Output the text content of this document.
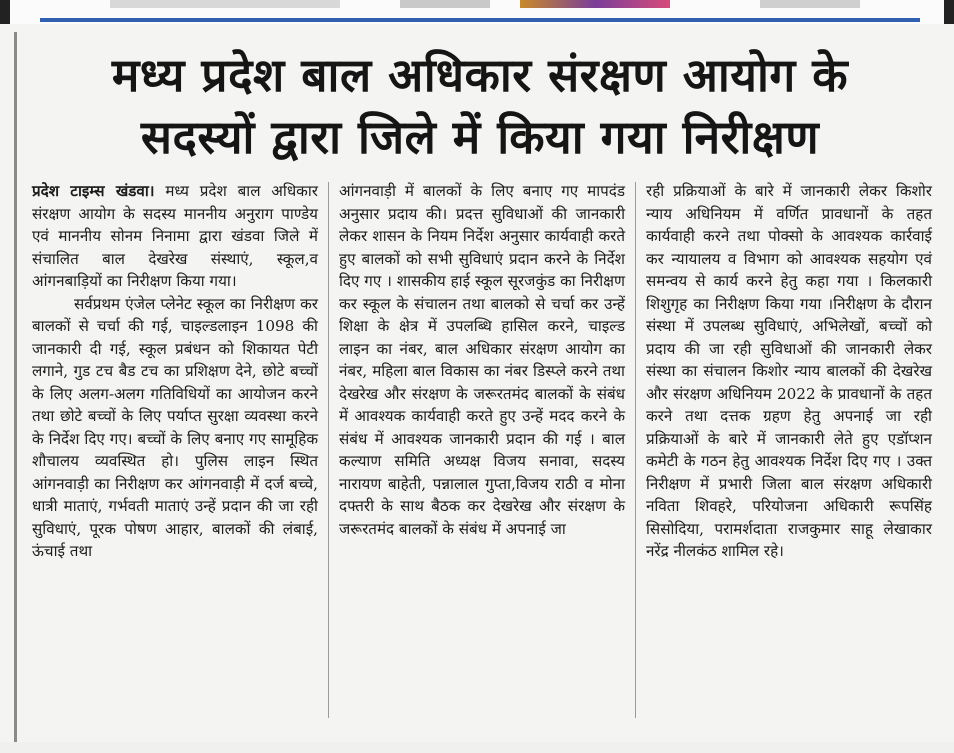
मध्य प्रदेश बाल अधिकार संरक्षण आयोग के
सदस्यों द्वारा जिले में किया गया निरीक्षण

प्रदेश टाइम्स खंडवा। मध्य प्रदेश बाल अधिकार संरक्षण आयोग के सदस्य माननीय अनुराग पाण्डेय एवं माननीय सोनम निनामा द्वारा खंडवा जिले में संचालित बाल देखरेख संस्थाएं, स्कूल,व आंगनबाड़ियों का निरीक्षण किया गया।

सर्वप्रथम एंजेल प्लेनेट स्कूल का निरीक्षण कर बालकों से चर्चा की गई, चाइल्डलाइन 1098 की जानकारी दी गई, स्कूल प्रबंधन को शिकायत पेटी लगाने, गुड टच बैड टच का प्रशिक्षण देने, छोटे बच्चों के लिए अलग-अलग गतिविधियों का आयोजन करने तथा छोटे बच्चों के लिए पर्याप्त सुरक्षा व्यवस्था करने के निर्देश दिए गए। बच्चों के लिए बनाए गए सामूहिक शौचालय व्यवस्थित हो। पुलिस लाइन स्थित आंगनवाड़ी का निरीक्षण कर आंगनवाड़ी में दर्ज बच्चे, धात्री माताएं, गर्भवती माताएं उन्हें प्रदान की जा रही सुविधाएं, पूरक पोषण आहार, बालकों की लंबाई, ऊंचाई तथा

आंगनवाड़ी में बालकों के लिए बनाए गए मापदंड अनुसार प्रदाय की। प्रदत्त सुविधाओं की जानकारी लेकर शासन के नियम निर्देश अनुसार कार्यवाही करते हुए बालकों को सभी सुविधाएं प्रदान करने के निर्देश दिए गए । शासकीय हाई स्कूल सूरजकुंड का निरीक्षण कर स्कूल के संचालन तथा बालको से चर्चा कर उन्हें शिक्षा के क्षेत्र में उपलब्धि हासिल करने, चाइल्ड लाइन का नंबर, बाल अधिकार संरक्षण आयोग का नंबर, महिला बाल विकास का नंबर डिस्प्ले करने तथा देखरेख और संरक्षण के जरूरतमंद बालकों के संबंध में आवश्यक कार्यवाही करते हुए उन्हें मदद करने के संबंध में आवश्यक जानकारी प्रदान की गई । बाल कल्याण समिति अध्यक्ष विजय सनावा, सदस्य नारायण बाहेती, पन्नालाल गुप्ता,विजय राठी व मोना दफ्तरी के साथ बैठक कर देखरेख और संरक्षण के जरूरतमंद बालकों के संबंध में अपनाई जा

रही प्रक्रियाओं के बारे में जानकारी लेकर किशोर न्याय अधिनियम में वर्णित प्रावधानों के तहत कार्यवाही करने तथा पोक्सो के आवश्यक कार्रवाई कर न्यायालय व विभाग को आवश्यक सहयोग एवं समन्वय से कार्य करने हेतु कहा गया । किलकारी शिशुगृह का निरीक्षण किया गया ।निरीक्षण के दौरान संस्था में उपलब्ध सुविधाएं, अभिलेखों, बच्चों को प्रदाय की जा रही सुविधाओं की जानकारी लेकर संस्था का संचालन किशोर न्याय बालकों की देखरेख और संरक्षण अधिनियम 2022 के प्रावधानों के तहत करने तथा दत्तक ग्रहण हेतु अपनाई जा रही प्रक्रियाओं के बारे में जानकारी लेते हुए एडॉप्शन कमेटी के गठन हेतु आवश्यक निर्देश दिए गए । उक्त निरीक्षण में प्रभारी जिला बाल संरक्षण अधिकारी नविता शिवहरे, परियोजना अधिकारी रूपसिंह सिसोदिया, परामर्शदाता राजकुमार साहू लेखाकार नरेंद्र नीलकंठ शामिल रहे।
